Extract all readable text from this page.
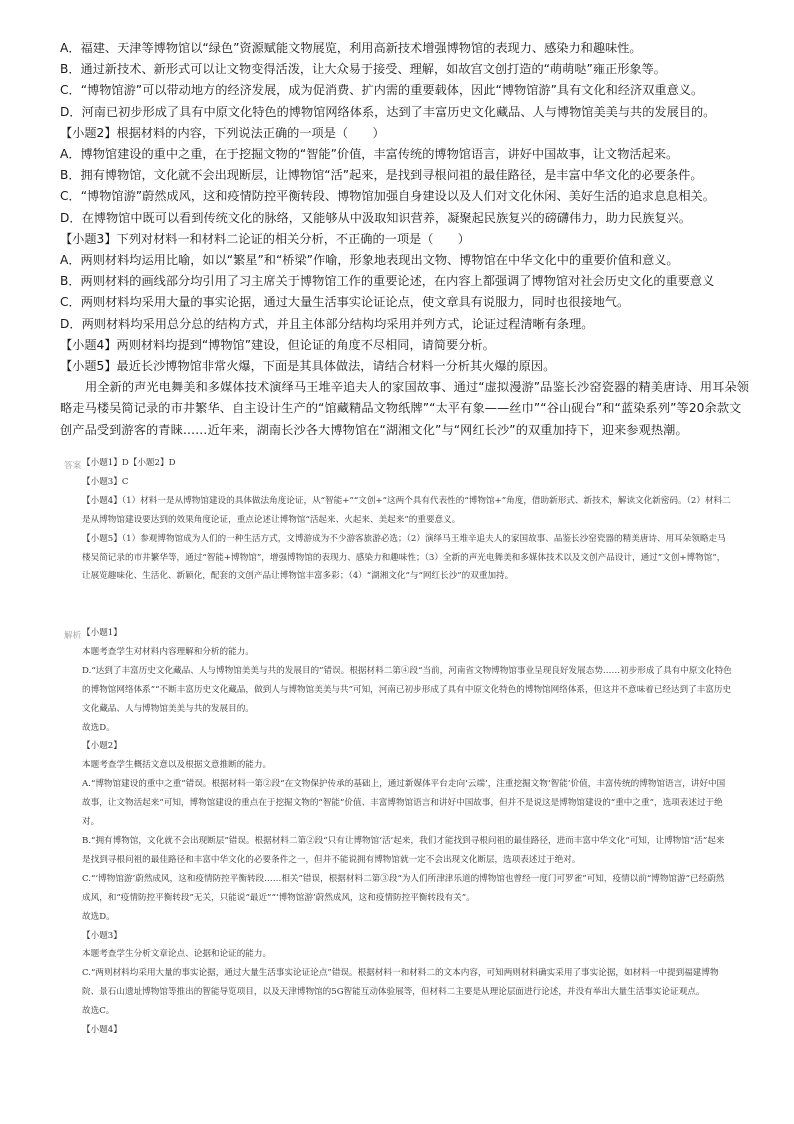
A．福建、天津等博物馆以“绿色”资源赋能文物展览，利用高新技术增强博物馆的表现力、感染力和趣味性。

B．通过新技术、新形式可以让文物变得活泼，让大众易于接受、理解，如故宫文创打造的“萌萌哒”雍正形象等。

C．“博物馆游”可以带动地方的经济发展，成为促消费、扩内需的重要载体，因此“博物馆游”具有文化和经济双重意义。

D．河南已初步形成了具有中原文化特色的博物馆网络体系，达到了丰富历史文化藏品、人与博物馆美美与共的发展目的。

【小题2】根据材料的内容，下列说法正确的一项是（　　）

A．博物馆建设的重中之重，在于挖掘文物的“智能”价值，丰富传统的博物馆语言，讲好中国故事，让文物活起来。

B．拥有博物馆，文化就不会出现断层，让博物馆“活”起来，是找到寻根问祖的最佳路径，是丰富中华文化的必要条件。

C．“博物馆游”蔚然成风，这和疫情防控平衡转段、博物馆加强自身建设以及人们对文化休闲、美好生活的追求息息相关。

D．在博物馆中既可以看到传统文化的脉络，又能够从中汲取知识营养，凝聚起民族复兴的磅礴伟力，助力民族复兴。

【小题3】下列对材料一和材料二论证的相关分析，不正确的一项是（　　）

A．两则材料均运用比喻，如以“繁星”和“桥梁”作喻，形象地表现出文物、博物馆在中华文化中的重要价值和意义。

B．两则材料的画线部分均引用了习主席关于博物馆工作的重要论述，在内容上都强调了博物馆对社会历史文化的重要意义

C．两则材料均采用大量的事实论据，通过大量生活事实论证论点，使文章具有说服力，同时也很接地气。

D．两则材料均采用总分总的结构方式，并且主体部分结构均采用并列方式，论证过程清晰有条理。

【小题4】两则材料均提到“博物馆”建设，但论证的角度不尽相同，请简要分析。

【小题5】最近长沙博物馆非常火爆，下面是其具体做法，请结合材料一分析其火爆的原因。

用全新的声光电舞美和多媒体技术演绎马王堆辛追夫人的家国故事、通过“虚拟漫游”品鉴长沙窑瓷器的精美唐诗、用耳朵领略走马楼吴简记录的市井繁华、自主设计生产的“馆藏精品文物纸牌”“太平有象——丝巾”“谷山砚台”和“蓝染系列”等20余款文创产品受到游客的青睐……近年来，湖南长沙各大博物馆在“湖湘文化”与“网红长沙”的双重加持下，迎来参观热潮。

答案 【小题1】D【小题2】D

【小题3】C

【小题4】（1）材料一是从博物馆建设的具体做法角度论证，从“智能+”“文创+”这两个具有代表性的“博物馆+”角度，借助新形式、新技术，解读文化新密码。（2）材料二是从博物馆建设要达到的效果角度论证，重点论述让博物馆“活起来、火起来、美起来”的重要意义。

【小题5】（1）参观博物馆成为人们的一种生活方式，文博游成为不少游客旅游必选；（2）演绎马王堆辛追夫人的家国故事、品鉴长沙窑瓷器的精美唐诗、用耳朵领略走马楼吴简记录的市井繁华等，通过“智能+博物馆”，增强博物馆的表现力、感染力和趣味性；（3）全新的声光电舞美和多媒体技术以及文创产品设计，通过“文创+博物馆”，让展览趣味化、生活化、新颖化，配套的文创产品让博物馆丰富多彩；（4）“湖湘文化”与“网红长沙”的双重加持。

解析 【小题1】

本题考查学生对材料内容理解和分析的能力。

D.“达到了丰富历史文化藏品、人与博物馆美美与共的发展目的”错误。根据材料二第④段“当前，河南省文物博物馆事业呈现良好发展态势……初步形成了具有中原文化特色的博物馆网络体系”“不断丰富历史文化藏品，做到人与博物馆美美与共”可知，河南已初步形成了具有中原文化特色的博物馆网络体系，但这并不意味着已经达到了丰富历史文化藏品、人与博物馆美美与共的发展目的。

故选D。

【小题2】

本题考查学生概括文意以及根据文意推断的能力。

A.“博物馆建设的重中之重”错误。根据材料一第②段“在文物保护传承的基础上，通过新媒体平台走向‘云端’，注重挖掘文物‘智能’价值，丰富传统的博物馆语言，讲好中国故事，让文物活起来”可知，博物馆建设的重点在于挖掘文物的“智能”价值、丰富博物馆语言和讲好中国故事，但并不是说这是博物馆建设的“重中之重”，选项表述过于绝对。

B.“拥有博物馆，文化就不会出现断层”错误。根据材料二第②段“只有让博物馆‘活’起来，我们才能找到寻根问祖的最佳路径，进而丰富中华文化”可知，让博物馆“活”起来是找到寻根问祖的最佳路径和丰富中华文化的必要条件之一，但并不能说拥有博物馆就一定不会出现文化断层，选项表述过于绝对。

C.“‘博物馆游’蔚然成风，这和疫情防控平衡转段……相关”错误，根据材料二第③段“为人们所津津乐道的博物馆也曾经一度门可罗雀”可知，疫情以前“博物馆游”已经蔚然成风，和“疫情防控平衡转段”无关，只能说“最近”“‘博物馆游’蔚然成风，这和疫情防控平衡转段有关”。

故选D。

【小题3】

本题考查学生分析文章论点、论据和论证的能力。

C.“两则材料均采用大量的事实论据，通过大量生活事实论证论点”错误。根据材料一和材料二的文本内容，可知两则材料确实采用了事实论据，如材料一中提到福建博物院、景石山遗址博物馆等推出的智能导览项目，以及天津博物馆的5G智能互动体验展等，但材料二主要是从理论层面进行论述，并没有举出大量生活事实论证观点。

故选C。

【小题4】
